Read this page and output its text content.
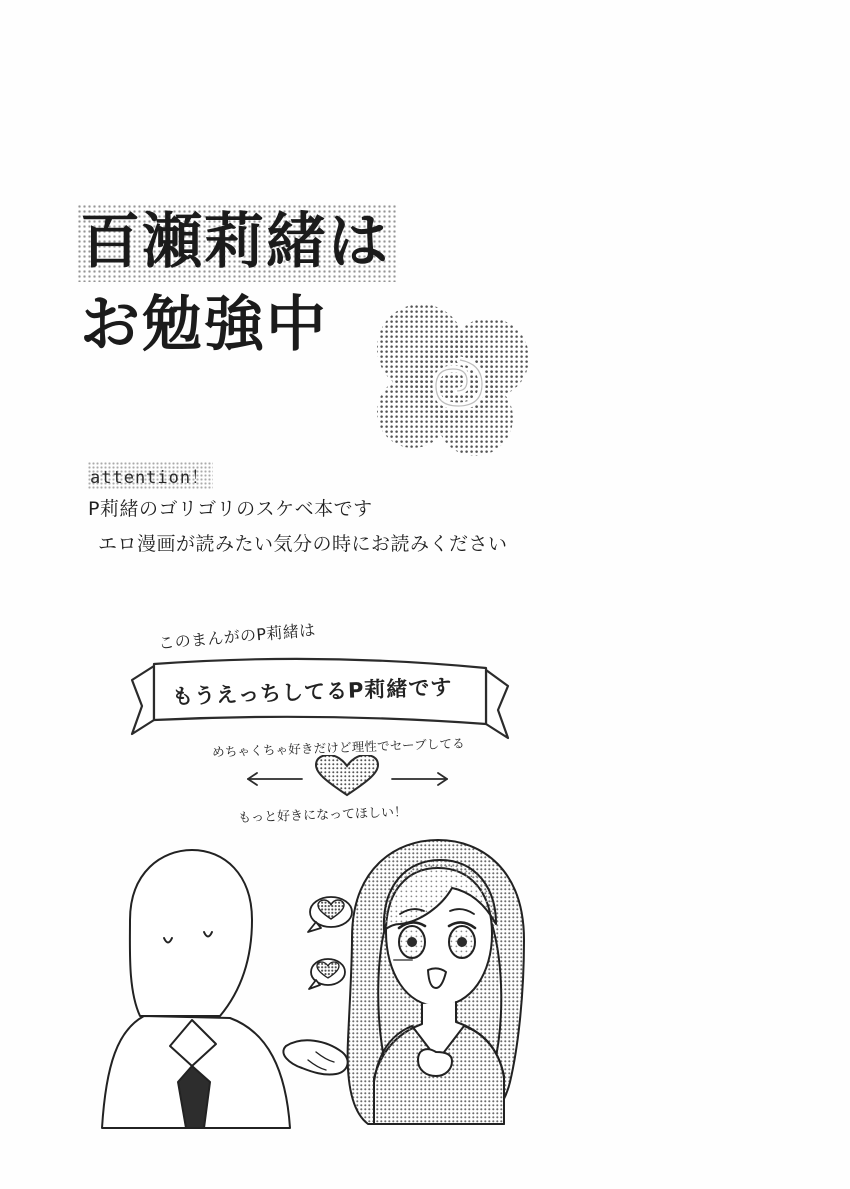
百瀬莉緒は お勉強中
attention！
P莉緒のゴリゴリのスケベ本です
エロ漫画が読みたい気分の時にお読みください
このまんがのP莉緒は
もうえっちしてるP莉緒です
めちゃくちゃ好きだけど理性でセーブしてる
もっと好きになってほしい！
